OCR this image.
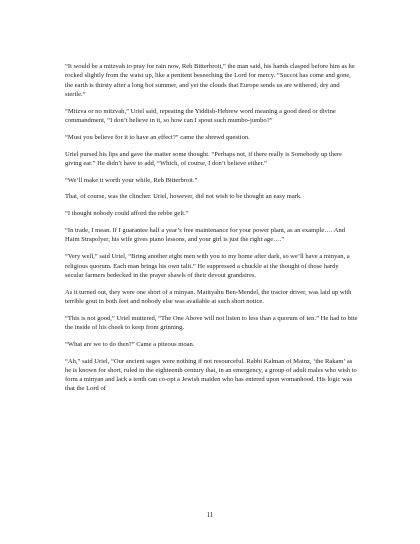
“It would be a mitzvah to pray for rain now, Reb Bitterbroit,” the man said, his hands clasped before him as he rocked slightly from the waist up, like a penitent beseeching the Lord for mercy. “Succot has come and gone, the earth is thirsty after a long hot summer, and yet the clouds that Europe sends us are withered, dry and sterile.”

“Mitzva or no mitzvah,” Uriel said, repeating the Yiddish-Hebrew word meaning a good deed or divine commandment, “I don’t believe in it, so how can I spout such mumbo-jumbo?”

“Must you believe for it to have an effect?” came the shrewd question.

Uriel pursed his lips and gave the matter some thought. “Perhaps not, if there really is Somebody up there giving ear.” He didn’t have to add, “Which, of course, I don’t believe either.”

“We’ll make it worth your while, Reb Bitterbroit.”

That, of course, was the clincher. Uriel, however, did not wish to be thought an easy mark.

“I thought nobody could afford the rebbe gelt.”

“In trade, I mean. If I guarantee half a year’s free maintenance for your power plant, as an example…. And Haim Strapolyer, his wife gives piano lessons, and your girl is just the right age….”

“Very well,” said Uriel, “Bring another eight men with you to my home after dark, so we’ll have a minyan, a religious quorum. Each man brings his own talit.” He suppressed a chuckle at the thought of those hardy secular farmers bedecked in the prayer shawls of their devout grandsires.

As it turned out, they were one short of a minyan. Matityahu Ben-Mendel, the tractor driver, was laid up with terrible gout in both feet and nobody else was available at such short notice.

“This is not good,” Uriel muttered, “The One Above will not listen to less than a quorum of ten.” He had to bite the inside of his cheek to keep from grinning.

“What are we to do then?” Came a piteous moan.

“Ah,” said Uriel, “Our ancient sages were nothing if not resourceful. Rabbi Kalman of Mainz, ‘the Rakam’ as he is known for short, ruled in the eighteenth century that, in an emergency, a group of adult males who wish to form a minyan and lack a tenth can co-opt a Jewish maiden who has entered upon womanhood. His logic was that the Lord of

11
